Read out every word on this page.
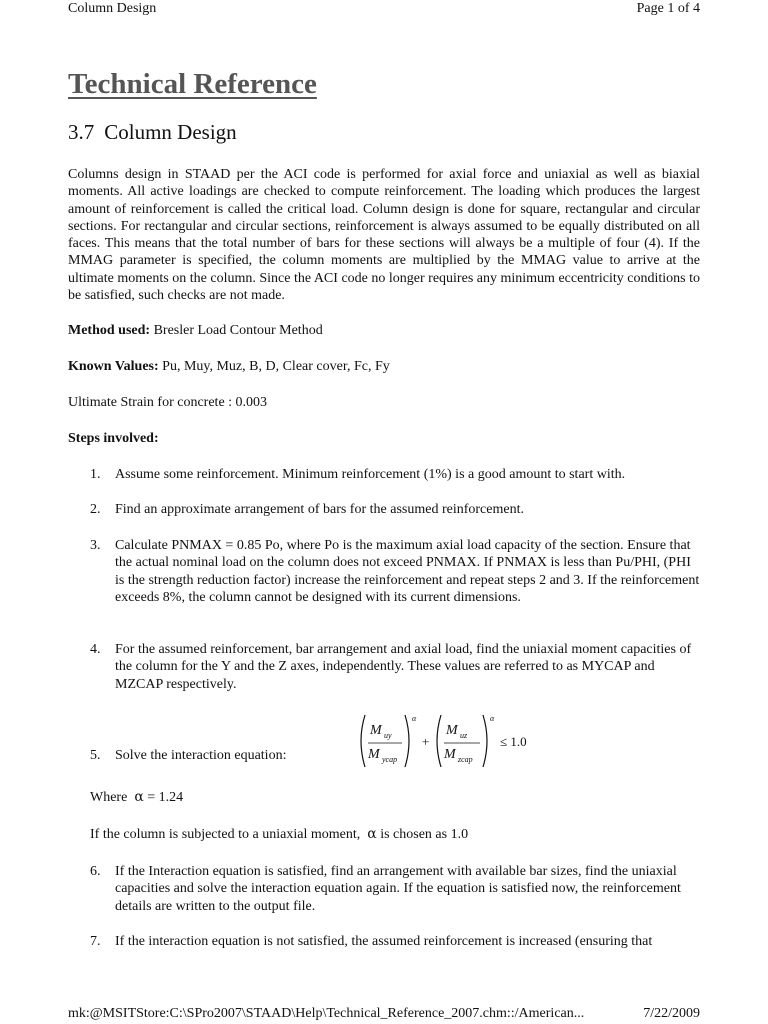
Column Design	Page 1 of 4
Technical Reference
3.7 Column Design

Columns design in STAAD per the ACI code is performed for axial force and uniaxial as well as biaxial moments. All active loadings are checked to compute reinforcement. The loading which produces the largest amount of reinforcement is called the critical load. Column design is done for square, rectangular and circular sections. For rectangular and circular sections, reinforcement is always assumed to be equally distributed on all faces. This means that the total number of bars for these sections will always be a multiple of four (4). If the MMAG parameter is specified, the column moments are multiplied by the MMAG value to arrive at the ultimate moments on the column. Since the ACI code no longer requires any minimum eccentricity conditions to be satisfied, such checks are not made.

Method used: Bresler Load Contour Method

Known Values: Pu, Muy, Muz, B, D, Clear cover, Fc, Fy

Ultimate Strain for concrete : 0.003

Steps involved:

1.	Assume some reinforcement. Minimum reinforcement (1%) is a good amount to start with.
2.	Find an approximate arrangement of bars for the assumed reinforcement.
3.	Calculate PNMAX = 0.85 Po, where Po is the maximum axial load capacity of the section. Ensure that the actual nominal load on the column does not exceed PNMAX. If PNMAX is less than Pu/PHI, (PHI is the strength reduction factor) increase the reinforcement and repeat steps 2 and 3. If the reinforcement exceeds 8%, the column cannot be designed with its current dimensions.
4.	For the assumed reinforcement, bar arrangement and axial load, find the uniaxial moment capacities of the column for the Y and the Z axes, independently. These values are referred to as MYCAP and MZCAP respectively.
5.	Solve the interaction equation:
M uy
M ycap
α
+
M uz
M zcap
α
≤ 1.0

Where α = 1.24

If the column is subjected to a uniaxial moment, α is chosen as 1.0

6.	If the Interaction equation is satisfied, find an arrangement with available bar sizes, find the uniaxial capacities and solve the interaction equation again. If the equation is satisfied now, the reinforcement details are written to the output file.
7.	If the interaction equation is not satisfied, the assumed reinforcement is increased (ensuring that
mk:@MSITStore:C:\SPro2007\STAAD\Help\Technical_Reference_2007.chm::/American...	7/22/2009
